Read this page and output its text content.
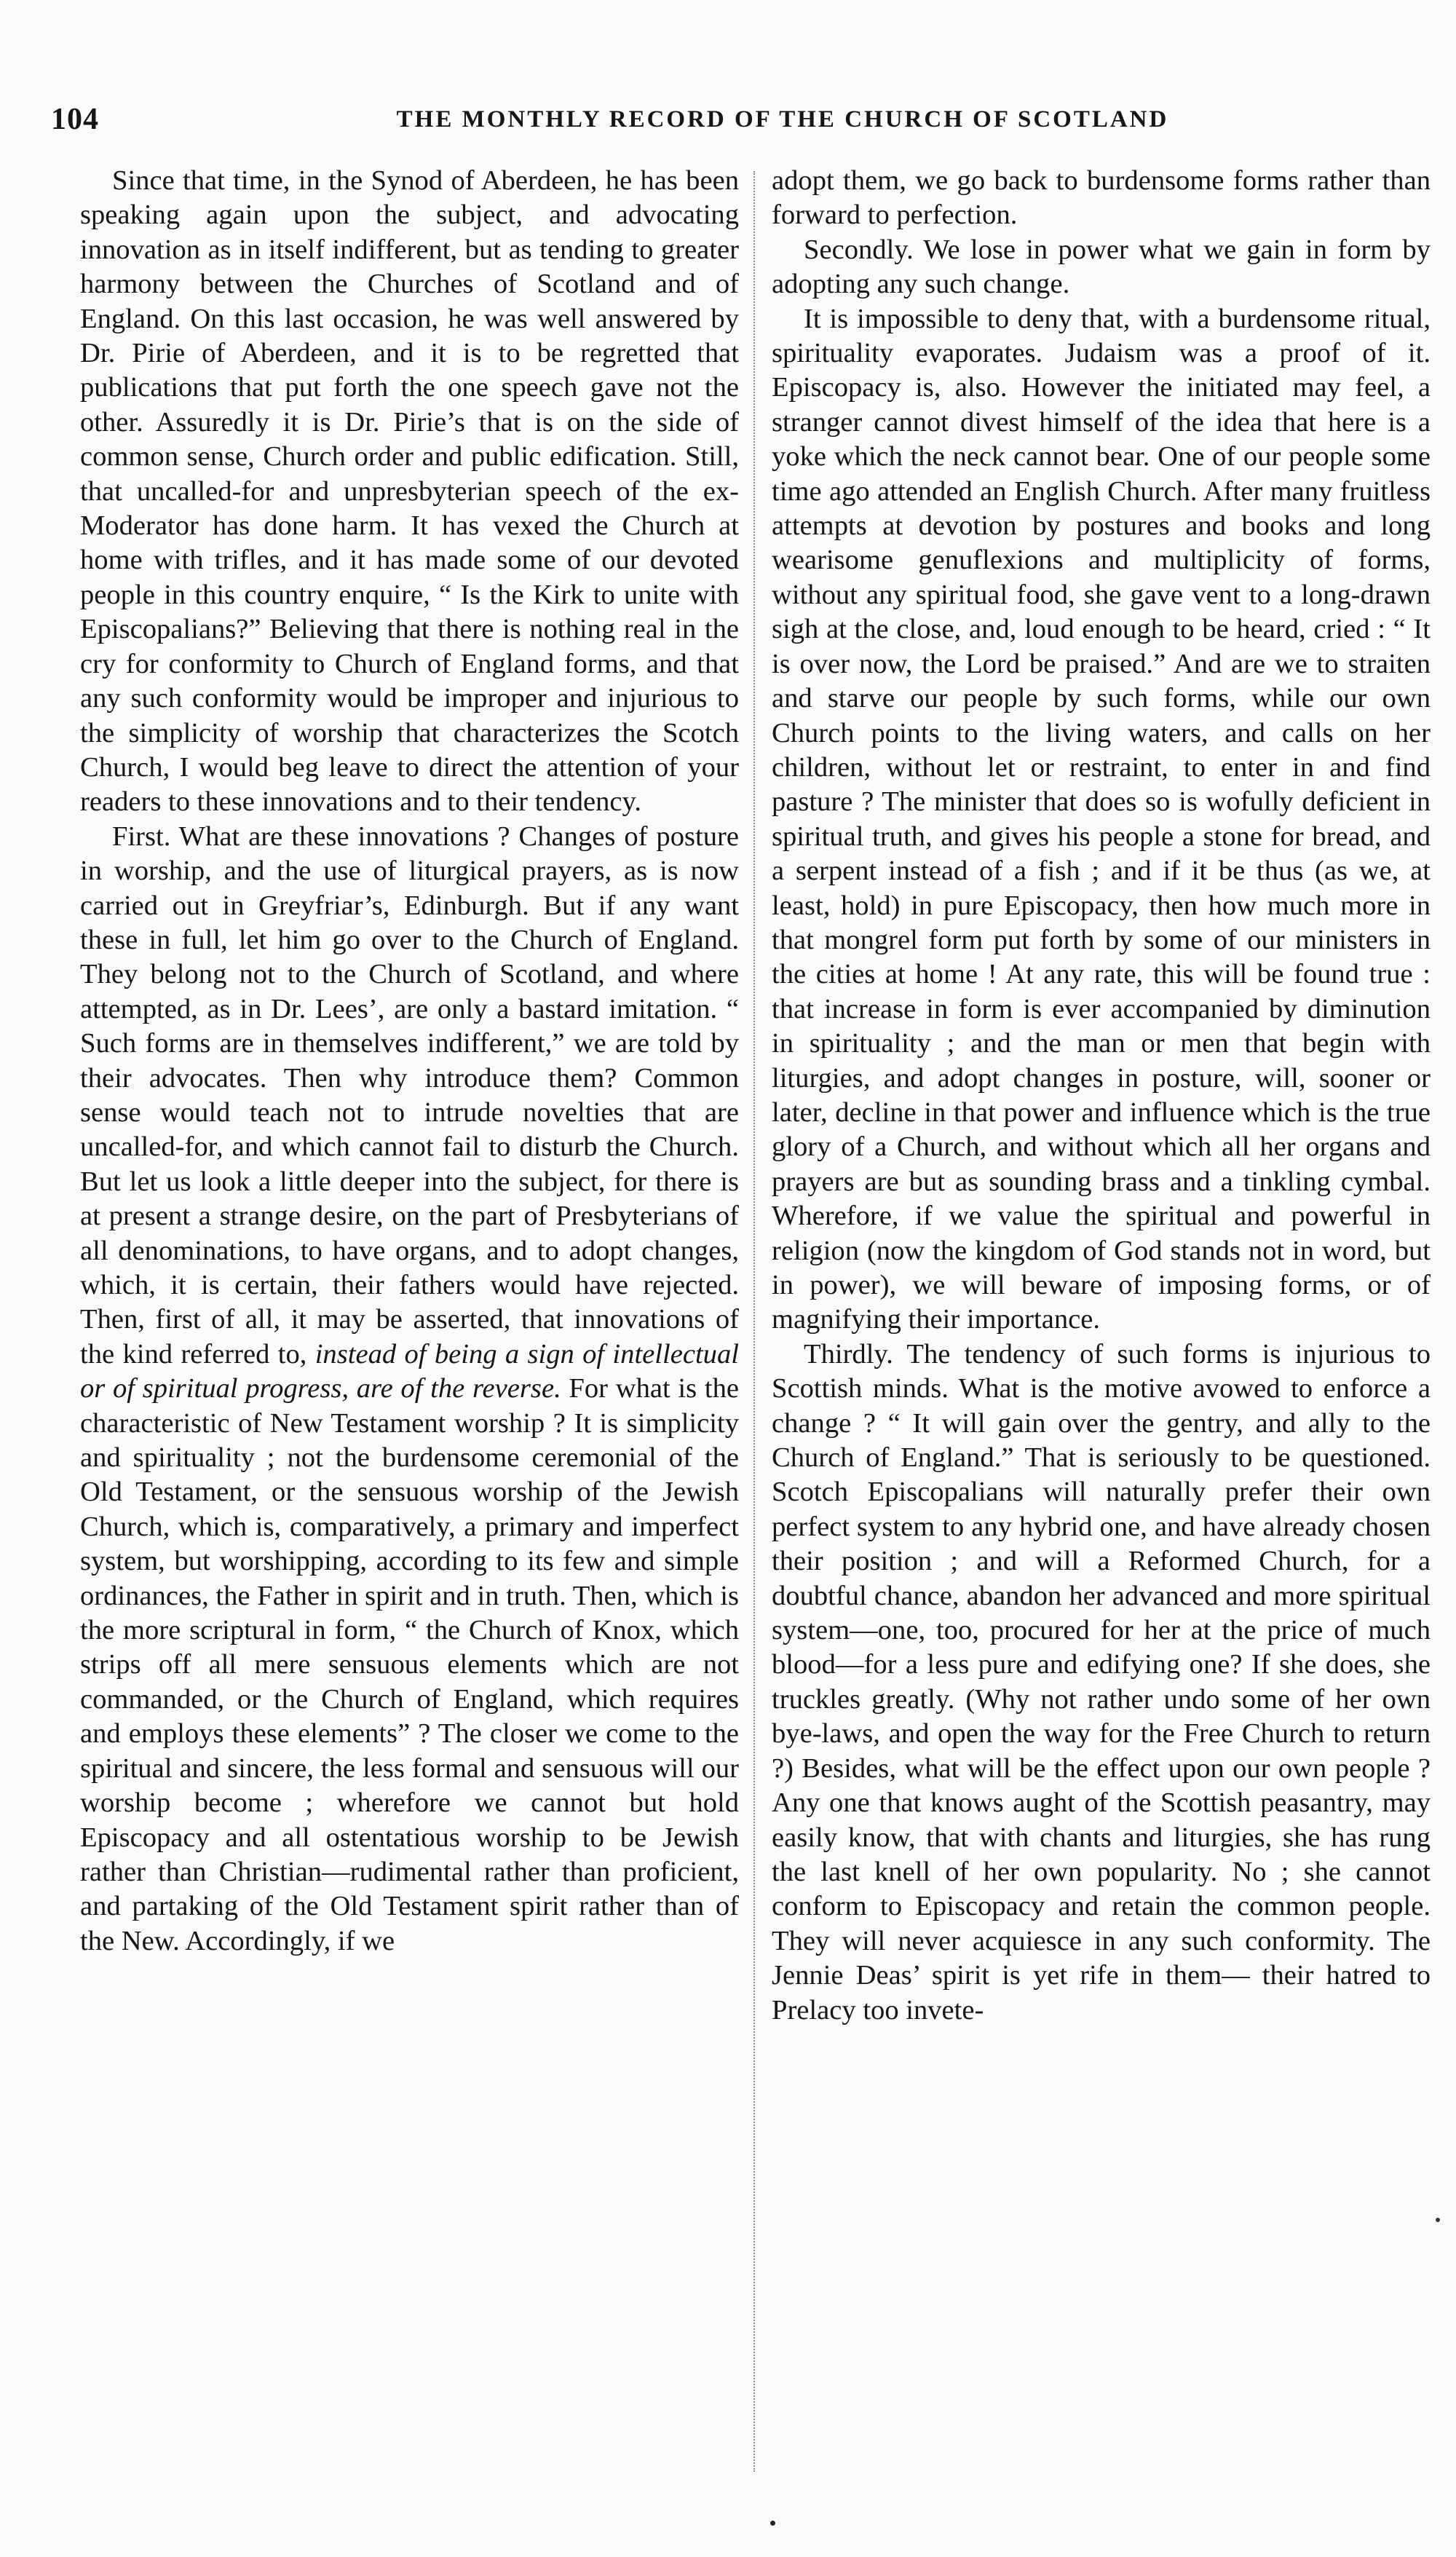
104	THE MONTHLY RECORD OF THE CHURCH OF SCOTLAND

Since that time, in the Synod of Aberdeen, he has been speaking again upon the subject, and advocating innovation as in itself indifferent, but as tending to greater harmony between the Churches of Scotland and of England. On this last occasion, he was well answered by Dr. Pirie of Aberdeen, and it is to be regretted that publications that put forth the one speech gave not the other. Assuredly it is Dr. Pirie’s that is on the side of common sense, Church order and public edification. Still, that uncalled-for and unpresbyterian speech of the ex-Moderator has done harm. It has vexed the Church at home with trifles, and it has made some of our devoted people in this country enquire, “ Is the Kirk to unite with Episcopalians?” Believing that there is nothing real in the cry for conformity to Church of England forms, and that any such conformity would be improper and injurious to the simplicity of worship that characterizes the Scotch Church, I would beg leave to direct the attention of your readers to these innovations and to their tendency.

First. What are these innovations ? Changes of posture in worship, and the use of liturgical prayers, as is now carried out in Greyfriar’s, Edinburgh. But if any want these in full, let him go over to the Church of England. They belong not to the Church of Scotland, and where attempted, as in Dr. Lees’, are only a bastard imitation. “ Such forms are in themselves indifferent,” we are told by their advocates. Then why introduce them? Common sense would teach not to intrude novelties that are uncalled-for, and which cannot fail to disturb the Church. But let us look a little deeper into the subject, for there is at present a strange desire, on the part of Presbyterians of all denominations, to have organs, and to adopt changes, which, it is certain, their fathers would have rejected. Then, first of all, it may be asserted, that innovations of the kind referred to, instead of being a sign of intellectual or of spiritual progress, are of the reverse. For what is the characteristic of New Testament worship ? It is simplicity and spirituality ; not the burdensome ceremonial of the Old Testament, or the sensuous worship of the Jewish Church, which is, comparatively, a primary and imperfect system, but worshipping, according to its few and simple ordinances, the Father in spirit and in truth. Then, which is the more scriptural in form, “ the Church of Knox, which strips off all mere sensuous elements which are not commanded, or the Church of England, which requires and employs these elements” ? The closer we come to the spiritual and sincere, the less formal and sensuous will our worship become ; wherefore we cannot but hold Episcopacy and all ostentatious worship to be Jewish rather than Christian—rudimental rather than proficient, and partaking of the Old Testament spirit rather than of the New. Accordingly, if we

adopt them, we go back to burdensome forms rather than forward to perfection.

Secondly. We lose in power what we gain in form by adopting any such change.

It is impossible to deny that, with a burdensome ritual, spirituality evaporates. Judaism was a proof of it. Episcopacy is, also. However the initiated may feel, a stranger cannot divest himself of the idea that here is a yoke which the neck cannot bear. One of our people some time ago attended an English Church. After many fruitless attempts at devotion by postures and books and long wearisome genuflexions and multiplicity of forms, without any spiritual food, she gave vent to a long-drawn sigh at the close, and, loud enough to be heard, cried : “ It is over now, the Lord be praised.” And are we to straiten and starve our people by such forms, while our own Church points to the living waters, and calls on her children, without let or restraint, to enter in and find pasture ? The minister that does so is wofully deficient in spiritual truth, and gives his people a stone for bread, and a serpent instead of a fish ; and if it be thus (as we, at least, hold) in pure Episcopacy, then how much more in that mongrel form put forth by some of our ministers in the cities at home ! At any rate, this will be found true : that increase in form is ever accompanied by diminution in spirituality ; and the man or men that begin with liturgies, and adopt changes in posture, will, sooner or later, decline in that power and influence which is the true glory of a Church, and without which all her organs and prayers are but as sounding brass and a tinkling cymbal. Wherefore, if we value the spiritual and powerful in religion (now the kingdom of God stands not in word, but in power), we will beware of imposing forms, or of magnifying their importance.

Thirdly. The tendency of such forms is injurious to Scottish minds. What is the motive avowed to enforce a change ? “ It will gain over the gentry, and ally to the Church of England.” That is seriously to be questioned. Scotch Episcopalians will naturally prefer their own perfect system to any hybrid one, and have already chosen their position ; and will a Reformed Church, for a doubtful chance, abandon her advanced and more spiritual system—one, too, procured for her at the price of much blood—for a less pure and edifying one? If she does, she truckles greatly. (Why not rather undo some of her own bye-laws, and open the way for the Free Church to return ?) Besides, what will be the effect upon our own people ? Any one that knows aught of the Scottish peasantry, may easily know, that with chants and liturgies, she has rung the last knell of her own popularity. No ; she cannot conform to Episcopacy and retain the common people. They will never acquiesce in any such conformity. The Jennie Deas’ spirit is yet rife in them— their hatred to Prelacy too invete-
